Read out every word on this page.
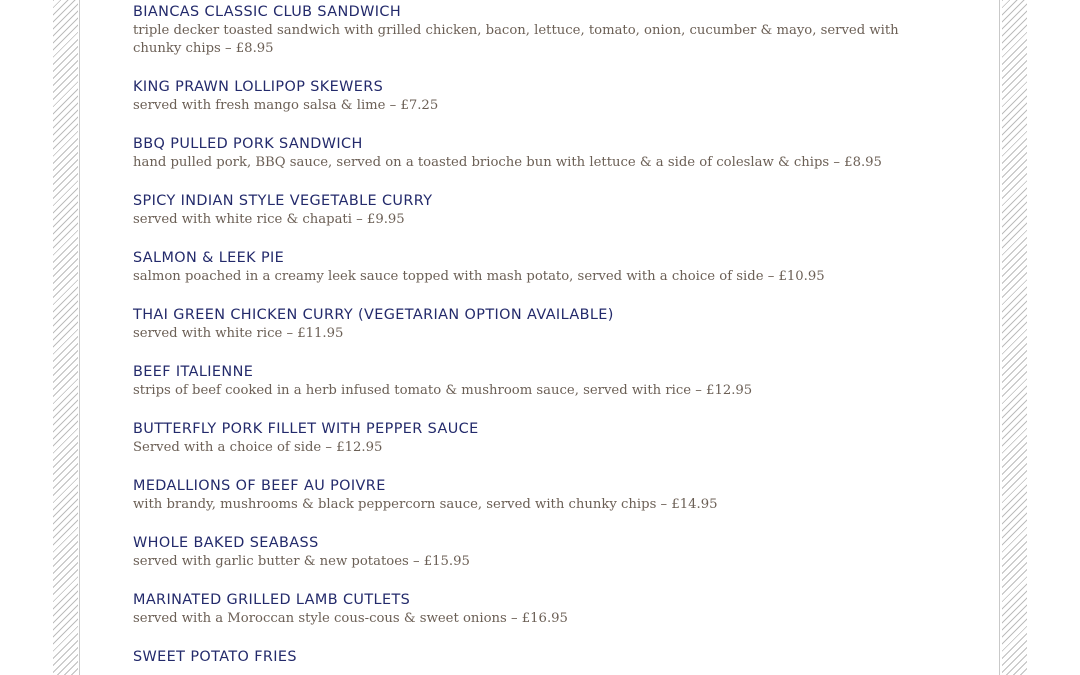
BIANCAS CLASSIC CLUB SANDWICH
triple decker toasted sandwich with grilled chicken, bacon, lettuce, tomato, onion, cucumber & mayo, served with chunky chips – £8.95
KING PRAWN LOLLIPOP SKEWERS
served with fresh mango salsa & lime – £7.25
BBQ PULLED PORK SANDWICH
hand pulled pork, BBQ sauce, served on a toasted brioche bun with lettuce & a side of coleslaw & chips – £8.95
SPICY INDIAN STYLE VEGETABLE CURRY
served with white rice & chapati – £9.95
SALMON & LEEK PIE
salmon poached in a creamy leek sauce topped with mash potato, served with a choice of side – £10.95
THAI GREEN CHICKEN CURRY (VEGETARIAN OPTION AVAILABLE)
served with white rice – £11.95
BEEF ITALIENNE
strips of beef cooked in a herb infused tomato & mushroom sauce, served with rice – £12.95
BUTTERFLY PORK FILLET WITH PEPPER SAUCE
Served with a choice of side – £12.95
MEDALLIONS OF BEEF AU POIVRE
with brandy, mushrooms & black peppercorn sauce, served with chunky chips – £14.95
WHOLE BAKED SEABASS
served with garlic butter & new potatoes – £15.95
MARINATED GRILLED LAMB CUTLETS
served with a Moroccan style cous-cous & sweet onions – £16.95
SWEET POTATO FRIES
